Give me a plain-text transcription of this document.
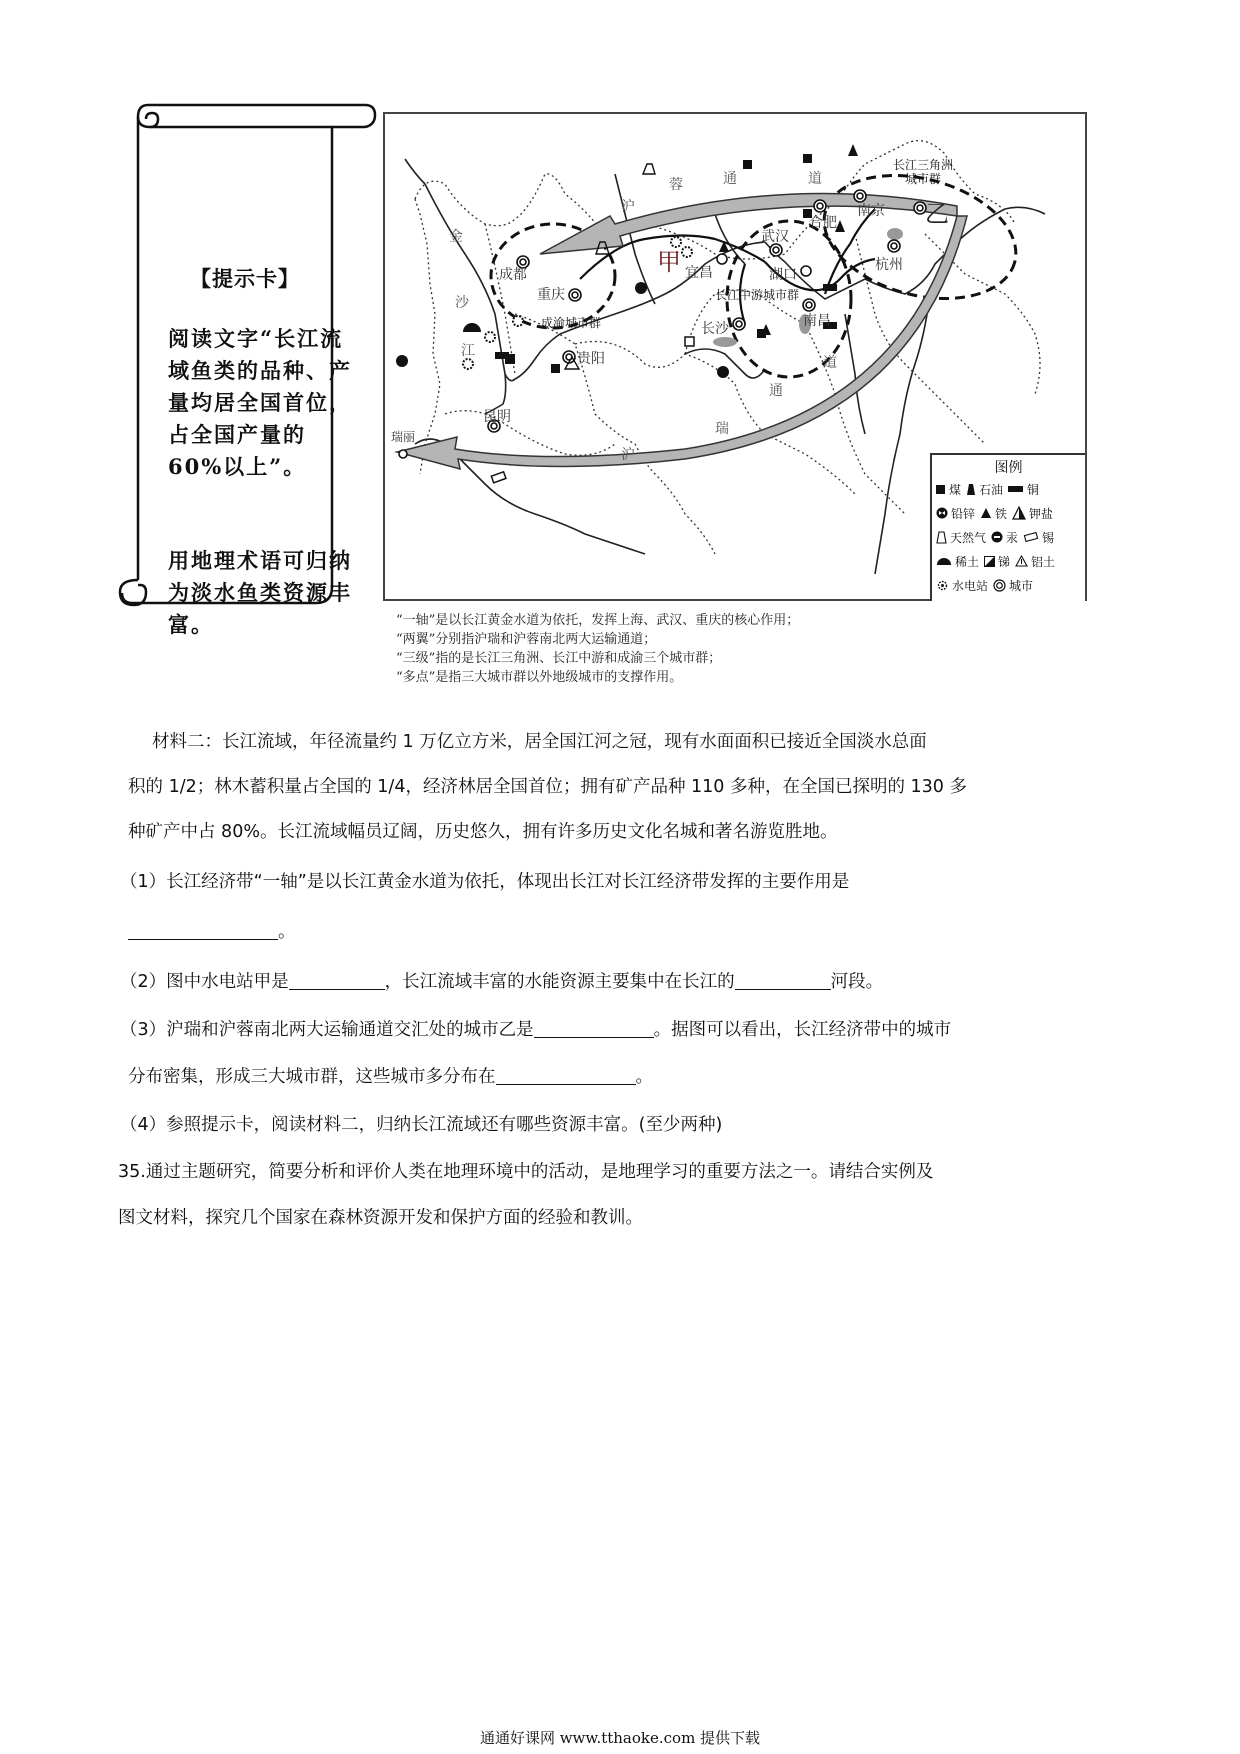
【提示卡】
阅读文字“长江流域鱼类的品种、产量均居全国首位，占全国产量的 60%以上”。
用地理术语可归纳为淡水鱼类资源丰富。
成都
重庆
成渝城市群
甲 宜昌
武汉
湖口
长江中游城市群
长沙	南昌
合肥
南京
杭州
乙
长江三角洲
城市群
贵阳
昆明
瑞丽
金
沙
江
沪
蓉	通	道
沪
瑞
通
道
图例
煤 石油 铜
铅锌 铁 钾盐
天然气 汞 锡
稀土 锑 铝土
水电站 城市
“一轴”是以长江黄金水道为依托，发挥上海、武汉、重庆的核心作用；
“两翼”分别指沪瑞和沪蓉南北两大运输通道；
“三级”指的是长江三角洲、长江中游和成渝三个城市群；
“多点”是指三大城市群以外地级城市的支撑作用。
材料二：长江流域，年径流量约 1 万亿立方米，居全国江河之冠，现有水面面积已接近全国淡水总面
积的 1/2；林木蓄积量占全国的 1/4，经济林居全国首位；拥有矿产品种 110 多种，在全国已探明的 130 多
种矿产中占 80%。长江流域幅员辽阔，历史悠久，拥有许多历史文化名城和著名游览胜地。
（1）长江经济带“一轴”是以长江黄金水道为依托，体现出长江对长江经济带发挥的主要作用是
。
（2）图中水电站甲是	，长江流域丰富的水能资源主要集中在长江的	河段。
（3）沪瑞和沪蓉南北两大运输通道交汇处的城市乙是	。据图可以看出，长江经济带中的城市
分布密集，形成三大城市群，这些城市多分布在	。
（4）参照提示卡，阅读材料二，归纳长江流域还有哪些资源丰富。(至少两种)
35.通过主题研究，简要分析和评价人类在地理环境中的活动，是地理学习的重要方法之一。请结合实例及
图文材料，探究几个国家在森林资源开发和保护方面的经验和教训。
通通好课网 www.tthaoke.com 提供下载
